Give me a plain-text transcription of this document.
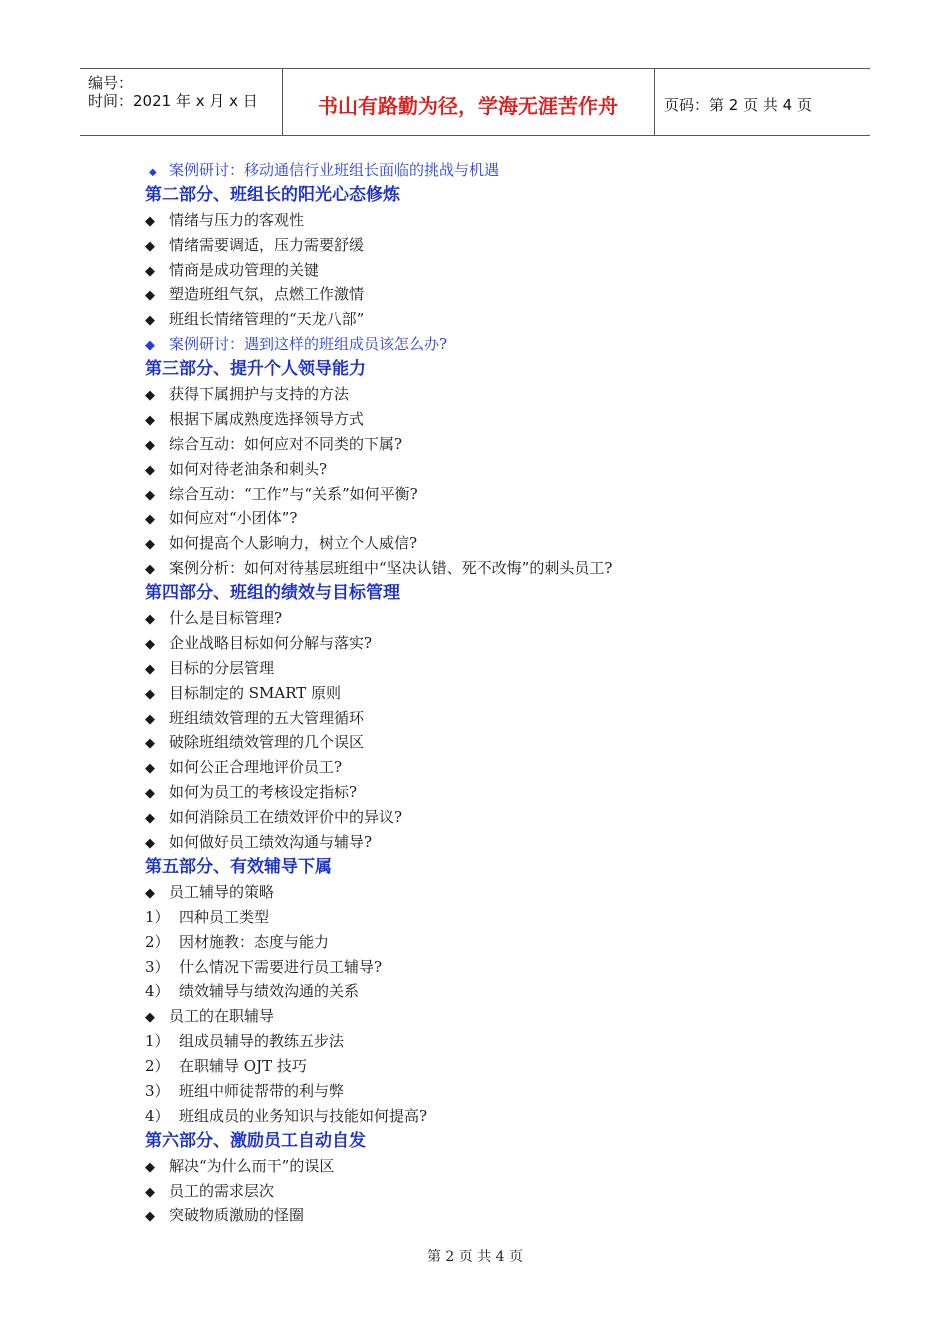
编号：
时间：2021 年 x 月 x 日	书山有路勤为径，学海无涯苦作舟	页码：第 2 页 共 4 页
◆ 案例研讨：移动通信行业班组长面临的挑战与机遇
第二部分、班组长的阳光心态修炼
◆ 情绪与压力的客观性
◆ 情绪需要调适，压力需要舒缓
◆ 情商是成功管理的关键
◆ 塑造班组气氛，点燃工作激情
◆ 班组长情绪管理的“天龙八部”
◆ 案例研讨：遇到这样的班组成员该怎么办?
第三部分、提升个人领导能力
◆ 获得下属拥护与支持的方法
◆ 根据下属成熟度选择领导方式
◆ 综合互动：如何应对不同类的下属?
◆ 如何对待老油条和刺头?
◆ 综合互动：“工作”与“关系”如何平衡?
◆ 如何应对“小团体”?
◆ 如何提高个人影响力，树立个人威信?
◆ 案例分析：如何对待基层班组中“坚决认错、死不改悔”的刺头员工?
第四部分、班组的绩效与目标管理
◆ 什么是目标管理?
◆ 企业战略目标如何分解与落实?
◆ 目标的分层管理
◆ 目标制定的 SMART 原则
◆ 班组绩效管理的五大管理循环
◆ 破除班组绩效管理的几个误区
◆ 如何公正合理地评价员工?
◆ 如何为员工的考核设定指标?
◆ 如何消除员工在绩效评价中的异议?
◆ 如何做好员工绩效沟通与辅导?
第五部分、有效辅导下属
◆ 员工辅导的策略
1） 四种员工类型
2） 因材施教：态度与能力
3） 什么情况下需要进行员工辅导?
4） 绩效辅导与绩效沟通的关系
◆ 员工的在职辅导
1） 组成员辅导的教练五步法
2） 在职辅导 OJT 技巧
3） 班组中师徒帮带的利与弊
4） 班组成员的业务知识与技能如何提高?
第六部分、激励员工自动自发
◆ 解决“为什么而干”的误区
◆ 员工的需求层次
◆ 突破物质激励的怪圈
第 2 页 共 4 页
